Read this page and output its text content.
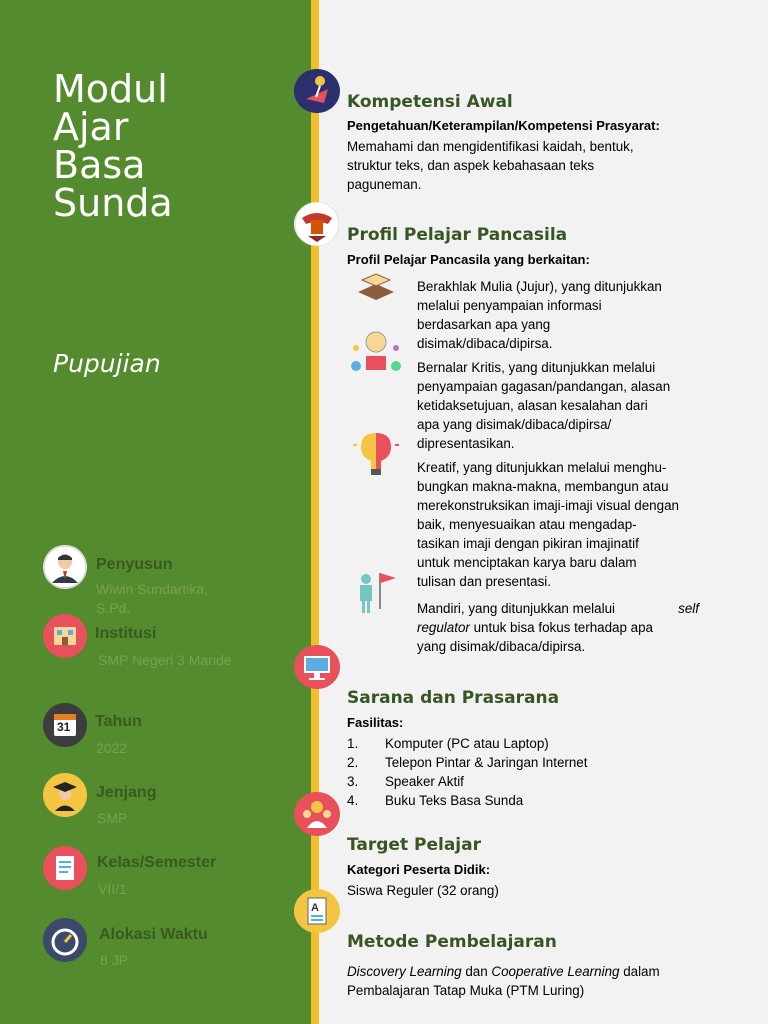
Modul
Ajar
Basa
Sunda
Pupujian
Penyusun
Wiwin Sundartika, S.Pd.
Institusi
SMP Negeri 3 Mande
31 Tahun
2022
Jenjang
SMP
Kelas/Semester
VII/1
Alokasi Waktu
8 JP
Kompetensi Awal
Pengetahuan/Keterampilan/Kompetensi Prasyarat:
Memahami dan mengidentifikasi kaidah, bentuk,
struktur teks, dan aspek kebahasaan teks
paguneman.
Profil Pelajar Pancasila
Profil Pelajar Pancasila yang berkaitan:
Berakhlak Mulia (Jujur), yang ditunjukkan
melalui penyampaian informasi
berdasarkan apa yang
disimak/dibaca/dipirsa.
Bernalar Kritis, yang ditunjukkan melalui
penyampaian gagasan/pandangan, alasan
ketidaksetujuan, alasan kesalahan dari
apa yang disimak/dibaca/dipirsa/
dipresentasikan.
Kreatif, yang ditunjukkan melalui menghu-
bungkan makna-makna, membangun atau
merekonstruksikan imaji-imaji visual dengan
baik, menyesuaikan atau mengadap-
tasikan imaji dengan pikiran imajinatif
untuk menciptakan karya baru dalam
tulisan dan presentasi.
Mandiri, yang ditunjukkan melalui	self
regulator untuk bisa fokus terhadap apa
yang disimak/dibaca/dipirsa.
Sarana dan Prasarana
Fasilitas:
1.	Komputer (PC atau Laptop)
2.	Telepon Pintar & Jaringan Internet
3.	Speaker Aktif
4.	Buku Teks Basa Sunda
Target Pelajar
Kategori Peserta Didik:
Siswa Reguler (32 orang)
A
Metode Pembelajaran
Discovery Learning dan Cooperative Learning dalam
Pembalajaran Tatap Muka (PTM Luring)
